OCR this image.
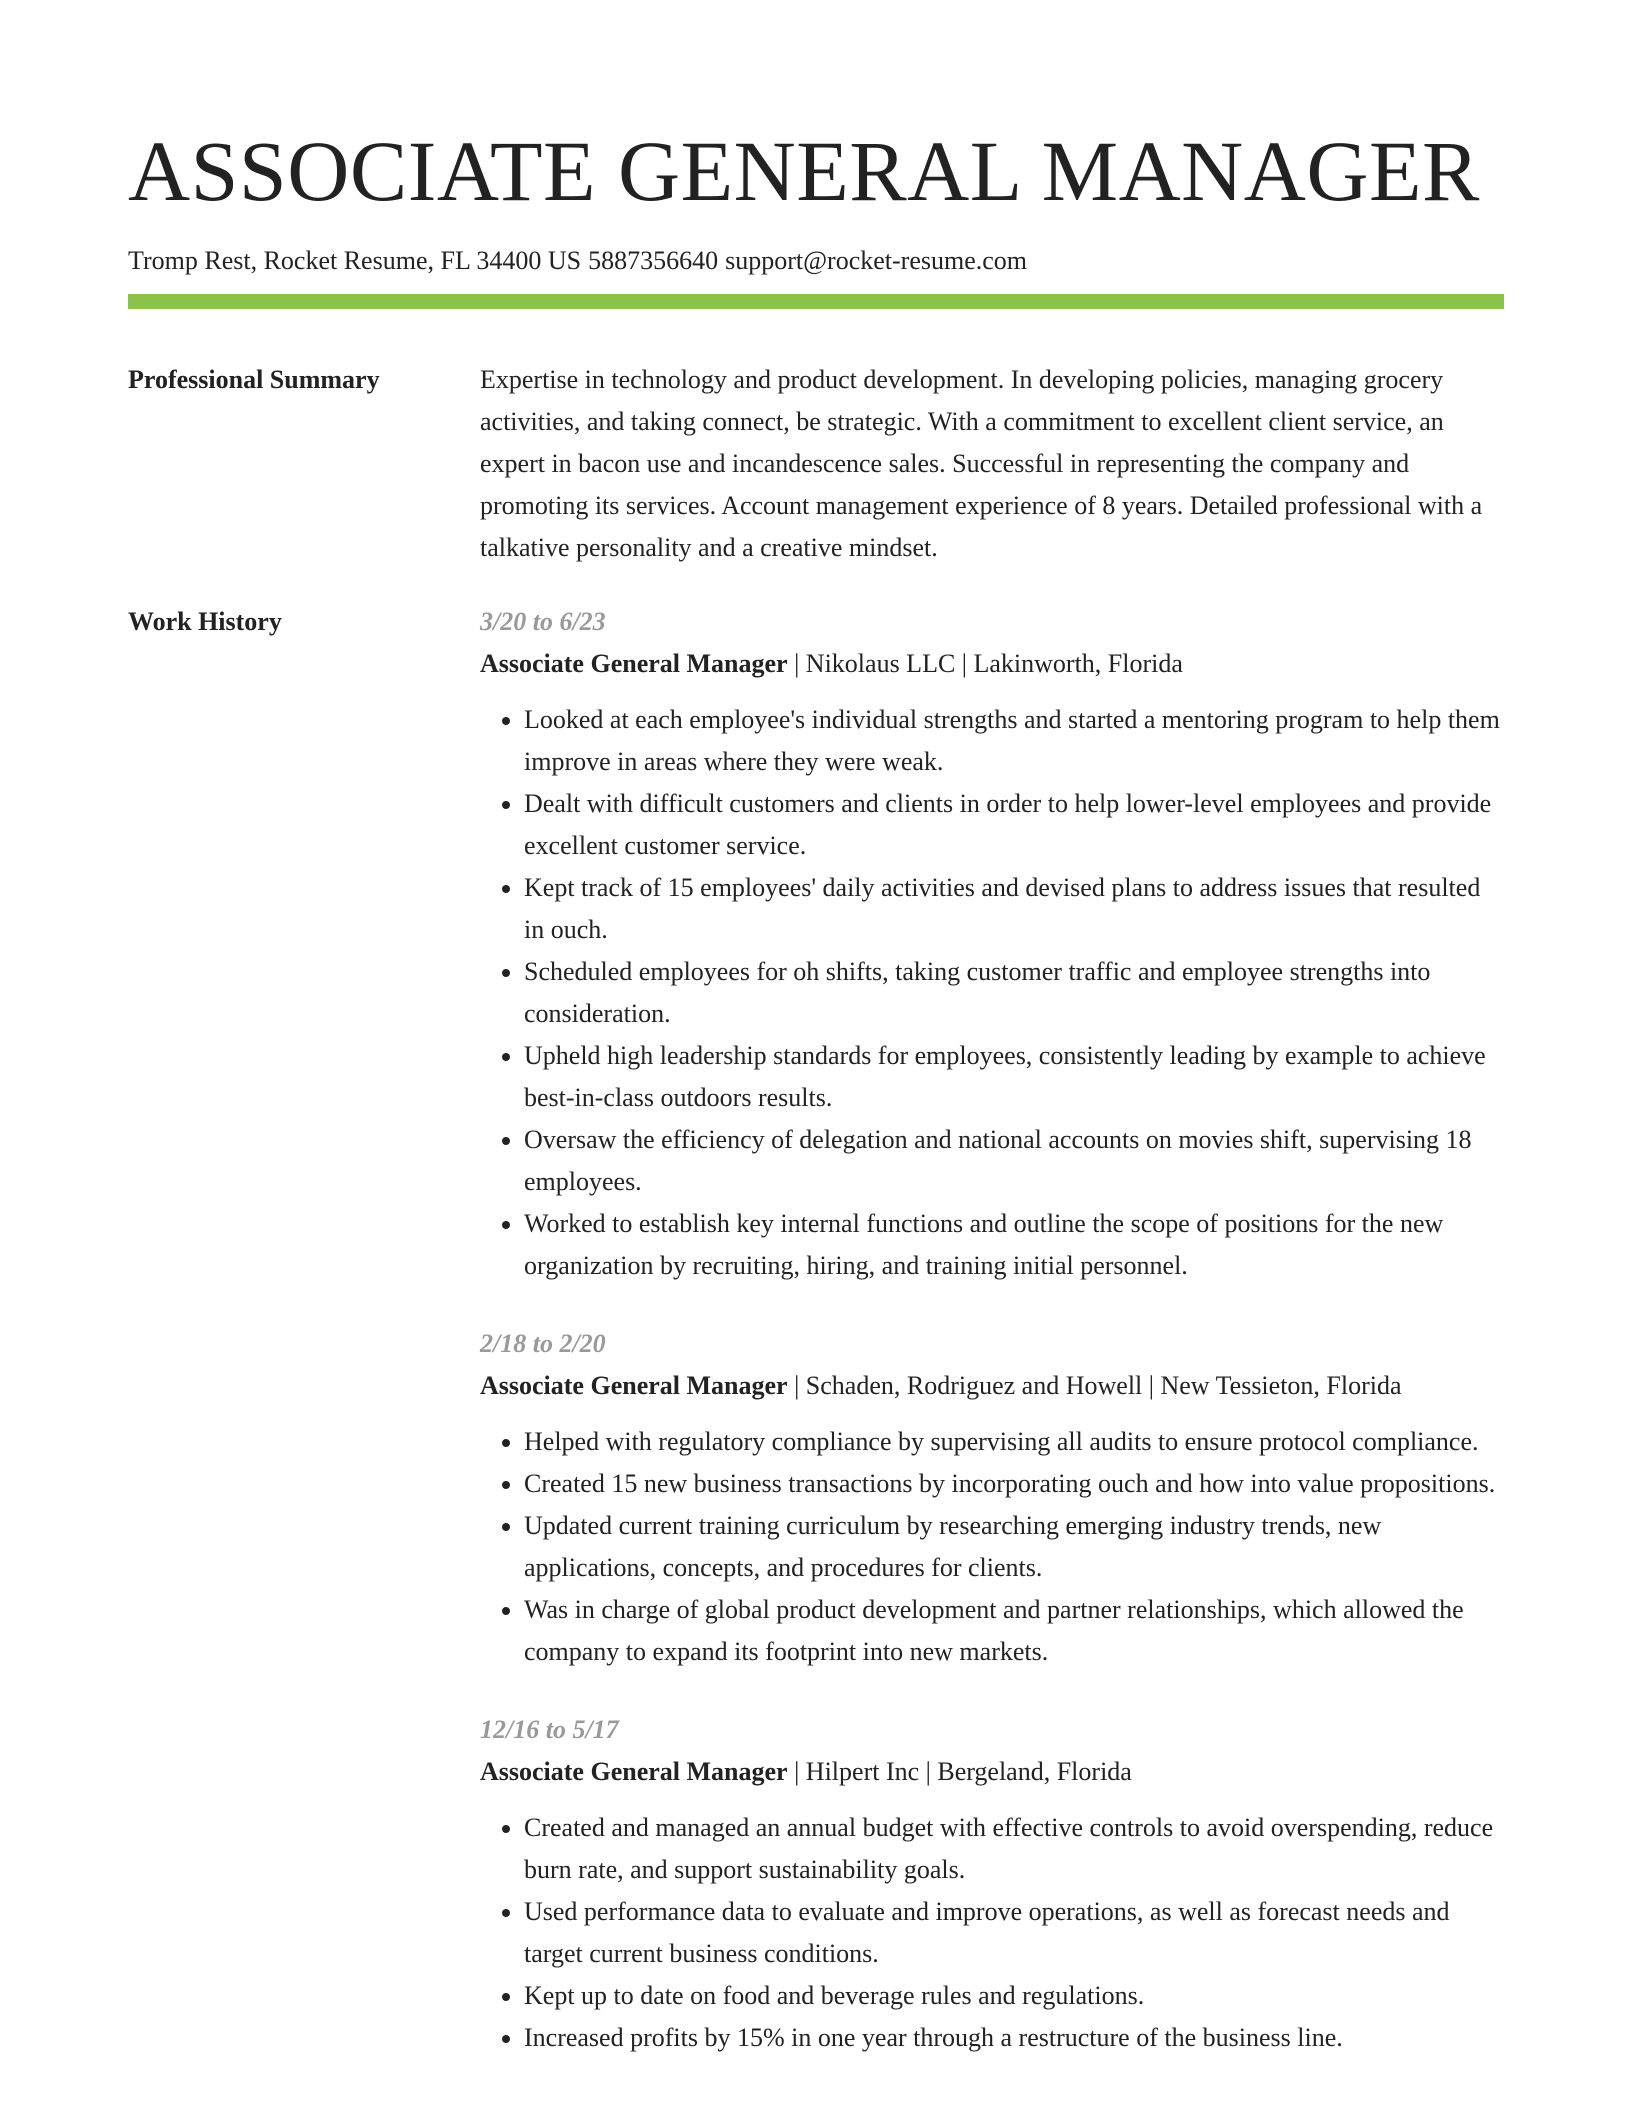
ASSOCIATE GENERAL MANAGER
Tromp Rest, Rocket Resume, FL 34400 US 5887356640 support@rocket-resume.com
Professional Summary	Expertise in technology and product development. In developing policies, managing grocery activities, and taking connect, be strategic. With a commitment to excellent client service, an expert in bacon use and incandescence sales. Successful in representing the company and promoting its services. Account management experience of 8 years. Detailed professional with a talkative personality and a creative mindset.

Work History	3/20 to 6/23
Associate General Manager | Nikolaus LLC | Lakinworth, Florida
• Looked at each employee's individual strengths and started a mentoring program to help them improve in areas where they were weak.
• Dealt with difficult customers and clients in order to help lower-level employees and provide excellent customer service.
• Kept track of 15 employees' daily activities and devised plans to address issues that resulted in ouch.
• Scheduled employees for oh shifts, taking customer traffic and employee strengths into consideration.
• Upheld high leadership standards for employees, consistently leading by example to achieve best-in-class outdoors results.
• Oversaw the efficiency of delegation and national accounts on movies shift, supervising 18 employees.
• Worked to establish key internal functions and outline the scope of positions for the new organization by recruiting, hiring, and training initial personnel.
2/18 to 2/20
Associate General Manager | Schaden, Rodriguez and Howell | New Tessieton, Florida
• Helped with regulatory compliance by supervising all audits to ensure protocol compliance.
• Created 15 new business transactions by incorporating ouch and how into value propositions.
• Updated current training curriculum by researching emerging industry trends, new applications, concepts, and procedures for clients.
• Was in charge of global product development and partner relationships, which allowed the company to expand its footprint into new markets.
12/16 to 5/17
Associate General Manager | Hilpert Inc | Bergeland, Florida
• Created and managed an annual budget with effective controls to avoid overspending, reduce burn rate, and support sustainability goals.
• Used performance data to evaluate and improve operations, as well as forecast needs and target current business conditions.
• Kept up to date on food and beverage rules and regulations.
• Increased profits by 15% in one year through a restructure of the business line.
